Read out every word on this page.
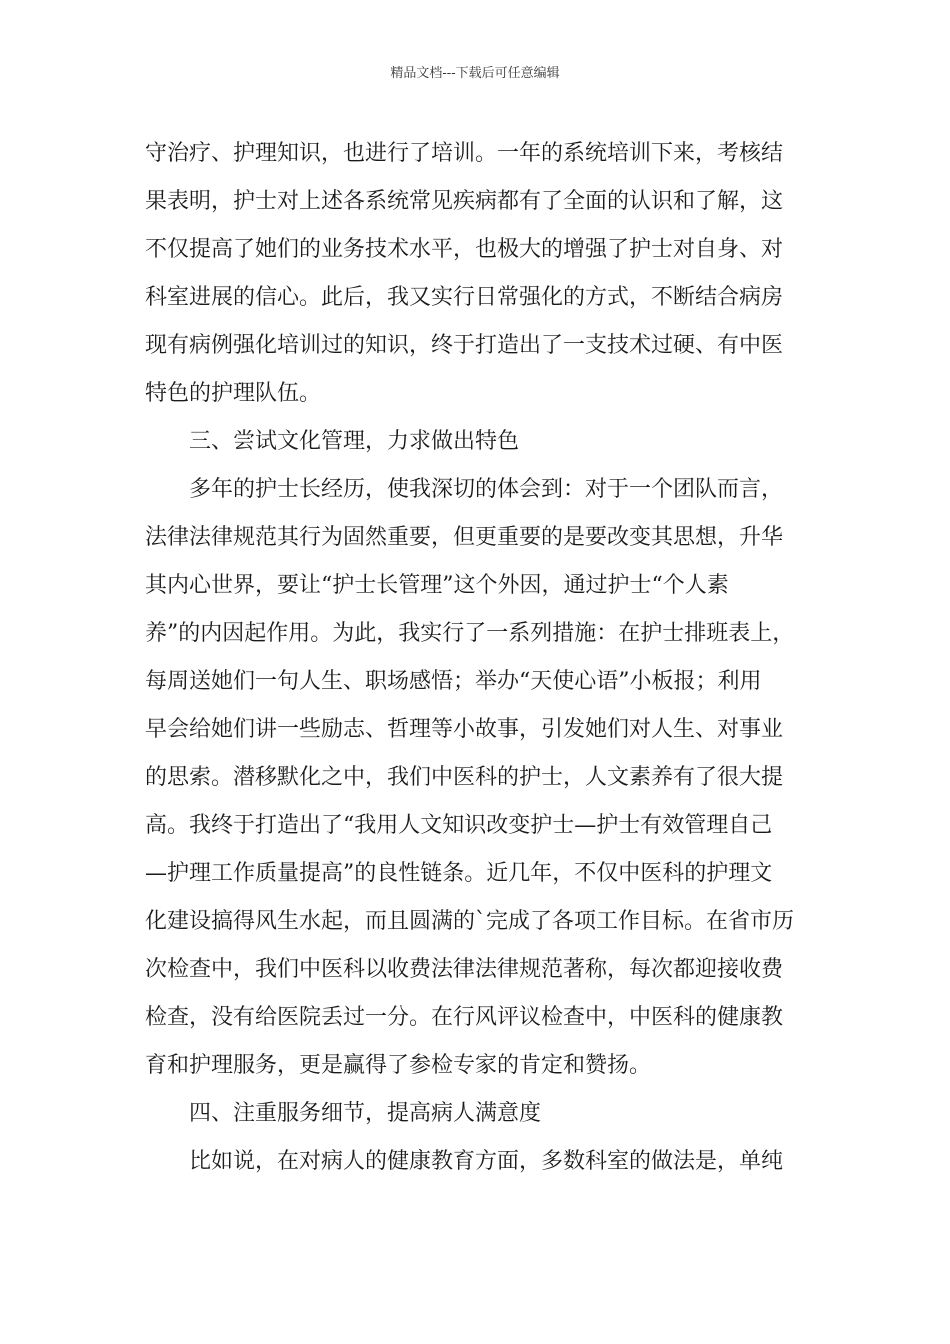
精品文档---下载后可任意编辑
守治疗、护理知识，也进行了培训。一年的系统培训下来，考核结
果表明，护士对上述各系统常见疾病都有了全面的认识和了解，这
不仅提高了她们的业务技术水平，也极大的增强了护士对自身、对
科室进展的信心。此后，我又实行日常强化的方式，不断结合病房
现有病例强化培训过的知识，终于打造出了一支技术过硬、有中医
特色的护理队伍。
三、尝试文化管理，力求做出特色
多年的护士长经历，使我深切的体会到：对于一个团队而言，
法律法律规范其行为固然重要，但更重要的是要改变其思想，升华
其内心世界，要让“护士长管理”这个外因，通过护士“个人素
养”的内因起作用。为此，我实行了一系列措施：在护士排班表上，
每周送她们一句人生、职场感悟；举办“天使心语”小板报；利用
早会给她们讲一些励志、哲理等小故事，引发她们对人生、对事业
的思索。潜移默化之中，我们中医科的护士，人文素养有了很大提
高。我终于打造出了“我用人文知识改变护士—护士有效管理自己
—护理工作质量提高”的良性链条。近几年，不仅中医科的护理文
化建设搞得风生水起，而且圆满的`完成了各项工作目标。在省市历
次检查中，我们中医科以收费法律法律规范著称，每次都迎接收费
检查，没有给医院丢过一分。在行风评议检查中，中医科的健康教
育和护理服务，更是赢得了参检专家的肯定和赞扬。
四、注重服务细节，提高病人满意度
比如说，在对病人的健康教育方面，多数科室的做法是，单纯
